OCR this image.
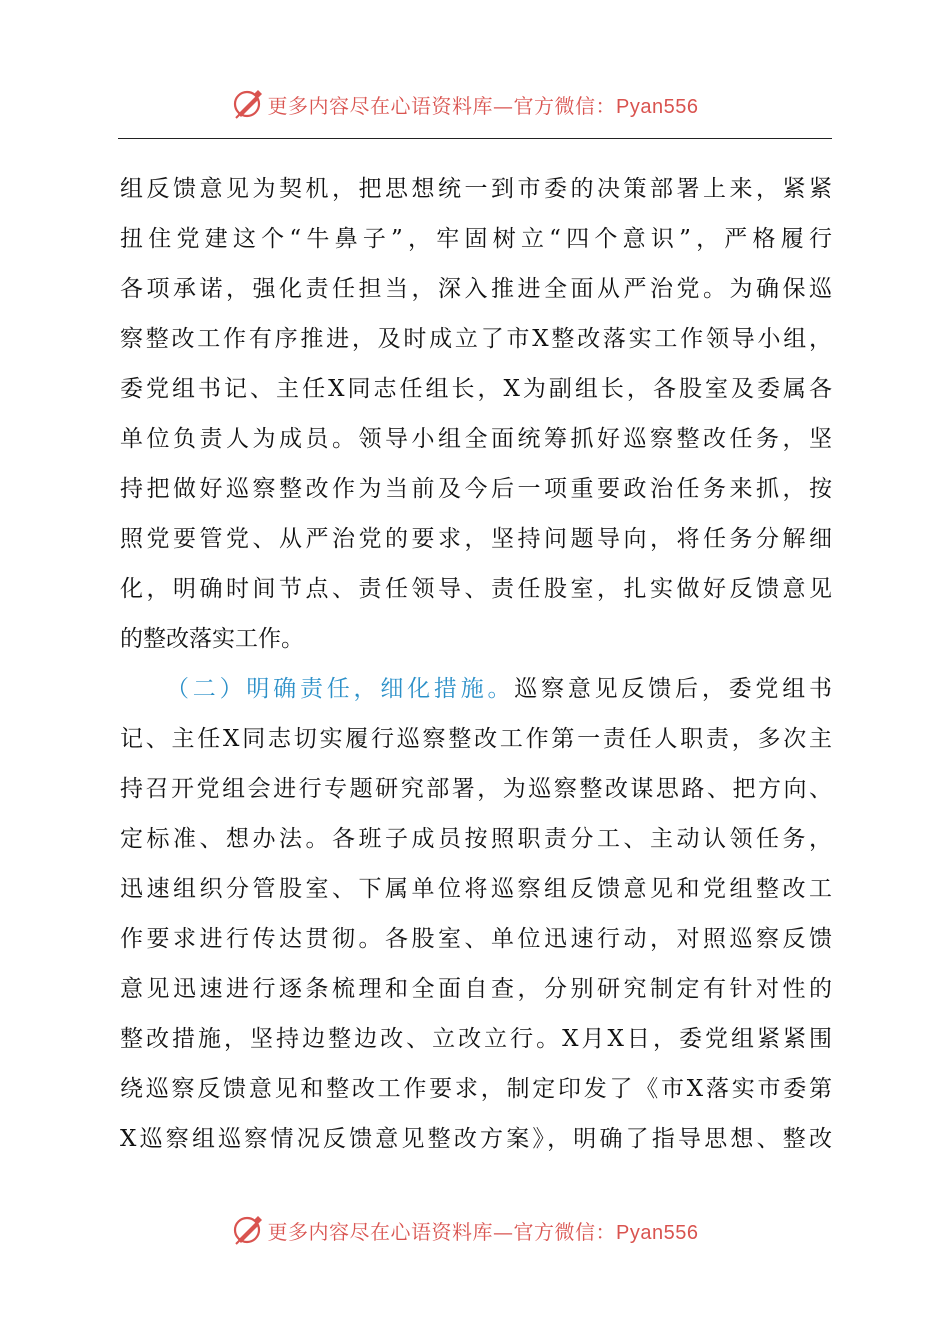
更多内容尽在心语资料库—官方微信：Pyan556
组反馈意见为契机，把思想统一到市委的决策部署上来，紧紧
扭住党建这个“牛鼻子”，牢固树立“四个意识”，严格履行
各项承诺，强化责任担当，深入推进全面从严治党。为确保巡
察整改工作有序推进，及时成立了市X整改落实工作领导小组，
委党组书记、主任X同志任组长，X为副组长，各股室及委属各
单位负责人为成员。领导小组全面统筹抓好巡察整改任务，坚
持把做好巡察整改作为当前及今后一项重要政治任务来抓，按
照党要管党、从严治党的要求，坚持问题导向，将任务分解细
化，明确时间节点、责任领导、责任股室，扎实做好反馈意见
的整改落实工作。
（二）明确责任，细化措施。巡察意见反馈后，委党组书
记、主任X同志切实履行巡察整改工作第一责任人职责，多次主
持召开党组会进行专题研究部署，为巡察整改谋思路、把方向、
定标准、想办法。各班子成员按照职责分工、主动认领任务，
迅速组织分管股室、下属单位将巡察组反馈意见和党组整改工
作要求进行传达贯彻。各股室、单位迅速行动，对照巡察反馈
意见迅速进行逐条梳理和全面自查，分别研究制定有针对性的
整改措施，坚持边整边改、立改立行。X月X日，委党组紧紧围
绕巡察反馈意见和整改工作要求，制定印发了《市X落实市委第
X巡察组巡察情况反馈意见整改方案》，明确了指导思想、整改
更多内容尽在心语资料库—官方微信：Pyan556
